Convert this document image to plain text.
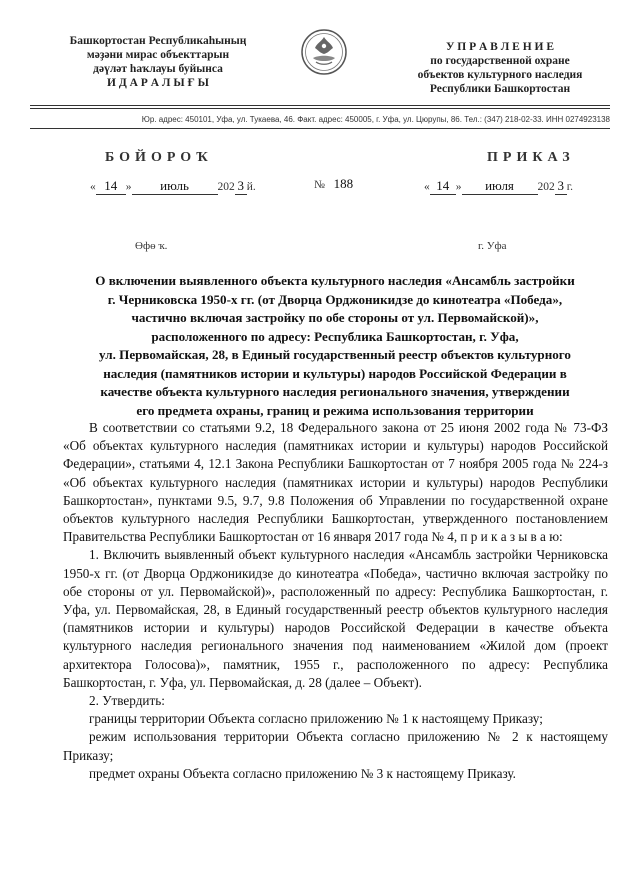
Башкортостан Республикаһының
мәҙәни мирас объекттарын
дәүләт һаҡлауы буйынса
И Д А Р А Л Ы Ғ Ы
У П Р А В Л Е Н И Е
по государственной охране
объектов культурного наследия
Республики Башкортостан
Юр. адрес: 450101, Уфа, ул. Тукаева, 46. Факт. адрес: 450005, г. Уфа, ул. Цюрупы, 86. Тел.: (347) 218-02-33. ИНН 0274923138
БОЙОРОҠ	ПРИКАЗ
« 14 » июль 202 3 й.	№ 188	« 14 » июля 202 3 г.
Өфө ҡ.	г. Уфа
О включении выявленного объекта культурного наследия «Ансамбль застройки
г. Черниковска 1950-х гг. (от Дворца Орджоникидзе до кинотеатра «Победа»,
частично включая застройку по обе стороны от ул. Первомайской)»,
расположенного по адресу: Республика Башкортостан, г. Уфа,
ул. Первомайская, 28, в Единый государственный реестр объектов культурного
наследия (памятников истории и культуры) народов Российской Федерации в
качестве объекта культурного наследия регионального значения, утверждении
его предмета охраны, границ и режима использования территории

В соответствии со статьями 9.2, 18 Федерального закона от 25 июня 2002 года № 73-ФЗ «Об объектах культурного наследия (памятниках истории и культуры) народов Российской Федерации», статьями 4, 12.1 Закона Республики Башкортостан от 7 ноября 2005 года № 224-з «Об объектах культурного наследия (памятниках истории и культуры) народов Республики Башкортостан», пунктами 9.5, 9.7, 9.8 Положения об Управлении по государственной охране объектов культурного наследия Республики Башкортостан, утвержденного постановлением Правительства Республики Башкортостан от 16 января 2017 года № 4, п р и к а з ы в а ю:

1. Включить выявленный объект культурного наследия «Ансамбль застройки Черниковска 1950-х гг. (от Дворца Орджоникидзе до кинотеатра «Победа», частично включая застройку по обе стороны от ул. Первомайской)», расположенный по адресу: Республика Башкортостан, г. Уфа, ул. Первомайская, 28, в Единый государственный реестр объектов культурного наследия (памятников истории и культуры) народов Российской Федерации в качестве объекта культурного наследия регионального значения под наименованием «Жилой дом (проект архитектора Голосова)», памятник, 1955 г., расположенного по адресу: Республика Башкортостан, г. Уфа, ул. Первомайская, д. 28 (далее – Объект).

2. Утвердить:

границы территории Объекта согласно приложению № 1 к настоящему Приказу;

режим использования территории Объекта согласно приложению № 2 к настоящему Приказу;

предмет охраны Объекта согласно приложению № 3 к настоящему Приказу.
